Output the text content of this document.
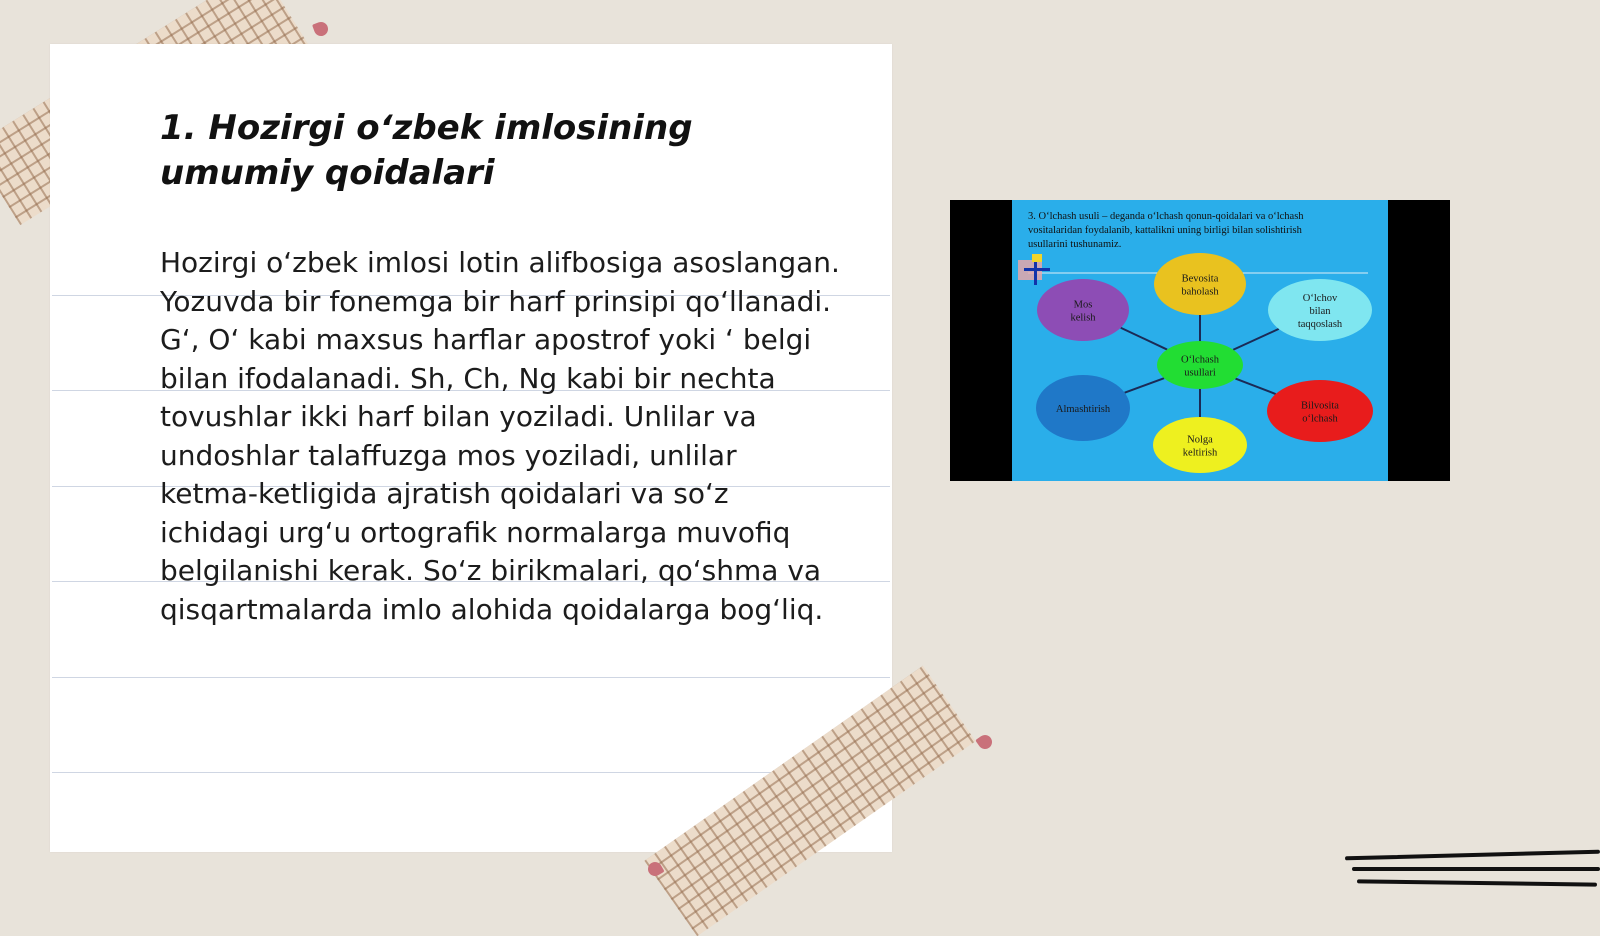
1. Hozirgi o‘zbek imlosining umumiy qoidalari

Hozirgi o‘zbek imlosi lotin alifbosiga asoslangan. Yozuvda bir fonemga bir harf prinsipi qo‘llanadi. G‘, O‘ kabi maxsus harflar apostrof yoki ‘ belgi bilan ifodalanadi. Sh, Ch, Ng kabi bir nechta tovushlar ikki harf bilan yoziladi. Unlilar va undoshlar talaffuzga mos yoziladi, unlilar ketma-ketligida ajratish qoidalari va so‘z ichidagi urg‘u ortografik normalarga muvofiq belgilanishi kerak. So‘z birikmalari, qo‘shma va qisqartmalarda imlo alohida qoidalarga bog‘liq.

3. O‘lchash usuli – deganda o‘lchash qonun-qoidalari va o‘lchash
vositalaridan foydalanib, kattalikni uning birligi bilan solishtirish
usullarini tushunamiz.
Bevosita
baholash
O‘lchov
bilan
taqqoslash
Bilvosita
o‘lchash
Nolga
keltirish
Almashtirish
Mos
kelish
O‘lchash
usullari
